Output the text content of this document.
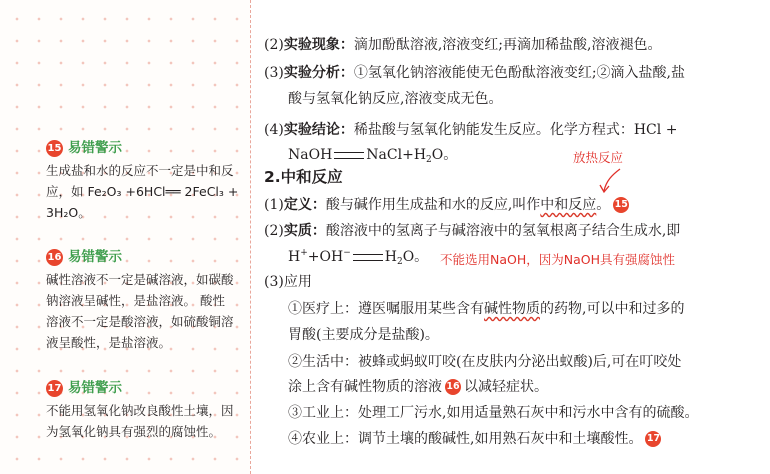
15 易错警示
生成盐和水的反应不一定是中和反
应，如 Fe₂O₃ +6HCl══ 2FeCl₃ +
3H₂O。
16 易错警示
碱性溶液不一定是碱溶液，如碳酸
钠溶液呈碱性，是盐溶液。 酸性
溶液不一定是酸溶液，如硫酸铜溶
液呈酸性，是盐溶液。
17 易错警示
不能用氢氧化钠改良酸性土壤，因
为氢氧化钠具有强烈的腐蚀性。
(2)实验现象：滴加酚酞溶液,溶液变红;再滴加稀盐酸,溶液褪色。
(3)实验分析：①氢氧化钠溶液能使无色酚酞溶液变红;②滴入盐酸,盐
酸与氢氧化钠反应,溶液变成无色。
(4)实验结论：稀盐酸与氢氧化钠能发生反应。化学方程式：HCl +
NaOH $NaCl+H_2O$。
2.中和反应
放热反应
(1)定义：酸与碱作用生成盐和水的反应,叫作中和反应。 15
(2)实质：酸溶液中的氢离子与碱溶液中的氢氧根离子结合生成水,即
H++OH− $H_2O$。 不能选用NaOH，因为NaOH具有强腐蚀性
(3)应用
①医疗上：遵医嘱服用某些含有碱性物质的药物,可以中和过多的
胃酸(主要成分是盐酸)。
②生活中：被蜂或蚂蚁叮咬(在皮肤内分泌出蚁酸)后,可在叮咬处
涂上含有碱性物质的溶液 16 以减轻症状。
③工业上：处理工厂污水,如用适量熟石灰中和污水中含有的硫酸。
④农业上：调节土壤的酸碱性,如用熟石灰中和土壤酸性。 17
